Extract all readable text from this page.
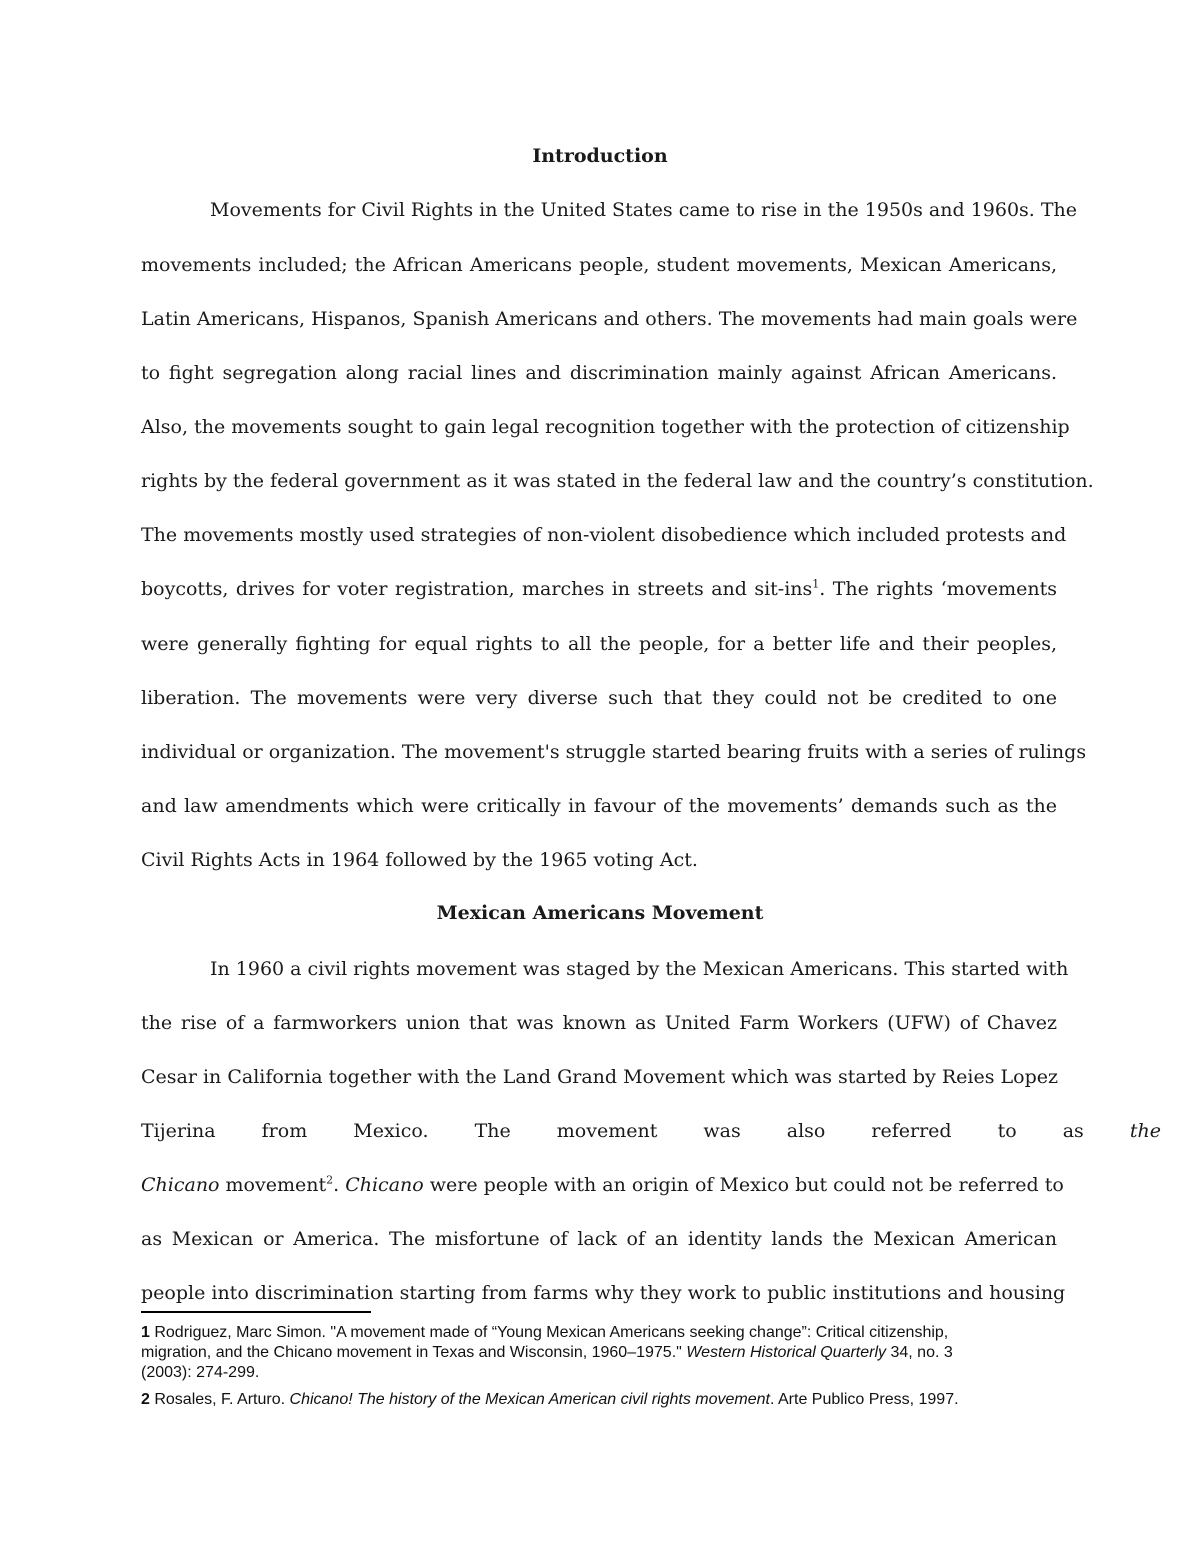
Introduction
Movements for Civil Rights in the United States came to rise in the 1950s and 1960s. The
movements included; the African Americans people, student movements, Mexican Americans,
Latin Americans, Hispanos, Spanish Americans and others. The movements had main goals were
to fight segregation along racial lines and discrimination mainly against African Americans.
Also, the movements sought to gain legal recognition together with the protection of citizenship
rights by the federal government as it was stated in the federal law and the country’s constitution.
The movements mostly used strategies of non-violent disobedience which included protests and
boycotts, drives for voter registration, marches in streets and sit-ins$^1$. The rights ‘movements
were generally fighting for equal rights to all the people, for a better life and their peoples,
liberation. The movements were very diverse such that they could not be credited to one
individual or organization. The movement's struggle started bearing fruits with a series of rulings
and law amendments which were critically in favour of the movements’ demands such as the
Civil Rights Acts in 1964 followed by the 1965 voting Act.
Mexican Americans Movement
In 1960 a civil rights movement was staged by the Mexican Americans. This started with
the rise of a farmworkers union that was known as United Farm Workers (UFW) of Chavez
Cesar in California together with the Land Grand Movement which was started by Reies Lopez
Tijerina from Mexico. The movement was also referred to as the
Chicano movement$^2$. Chicano were people with an origin of Mexico but could not be referred to
as Mexican or America. The misfortune of lack of an identity lands the Mexican American
people into discrimination starting from farms why they work to public institutions and housing
1 Rodriguez, Marc Simon. "A movement made of “Young Mexican Americans seeking change”: Critical citizenship,
migration, and the Chicano movement in Texas and Wisconsin, 1960–1975." Western Historical Quarterly 34, no. 3
(2003): 274-299.
2 Rosales, F. Arturo. Chicano! The history of the Mexican American civil rights movement. Arte Publico Press, 1997.
